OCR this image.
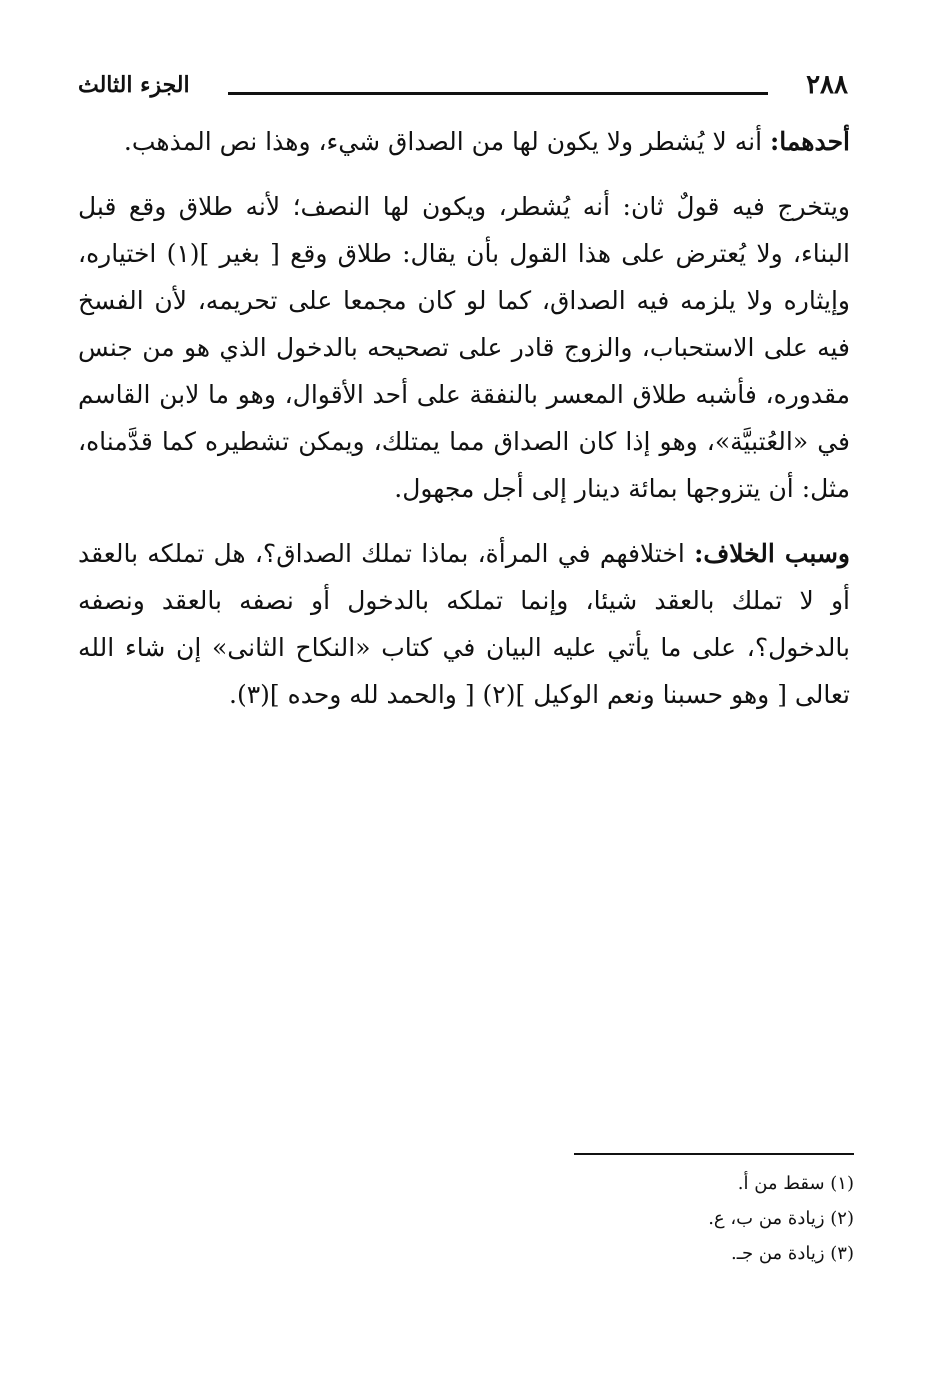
٢٨٨
الجزء الثالث

أحدهما: أنه لا يُشطر ولا يكون لها من الصداق شيء، وهذا نص المذهب.

ويتخرج فيه قولٌ ثان: أنه يُشطر، ويكون لها النصف؛ لأنه طلاق وقع قبل البناء، ولا يُعترض على هذا القول بأن يقال: طلاق وقع [ بغير ](١) اختياره، وإيثاره ولا يلزمه فيه الصداق، كما لو كان مجمعا على تحريمه، لأن الفسخ فيه على الاستحباب، والزوج قادر على تصحيحه بالدخول الذي هو من جنس مقدوره، فأشبه طلاق المعسر بالنفقة على أحد الأقوال، وهو ما لابن القاسم في «العُتبيَّة»، وهو إذا كان الصداق مما يمتلك، ويمكن تشطيره كما قدَّمناه، مثل: أن يتزوجها بمائة دينار إلى أجل مجهول.

وسبب الخلاف: اختلافهم في المرأة، بماذا تملك الصداق؟، هل تملكه بالعقد أو لا تملك بالعقد شيئا، وإنما تملكه بالدخول أو نصفه بالعقد ونصفه بالدخول؟، على ما يأتي عليه البيان في كتاب «النكاح الثانى» إن شاء الله تعالى [ وهو حسبنا ونعم الوكيل ](٢) [ والحمد لله وحده ](٣).

(١) سقط من أ.
(٢) زيادة من ب، ع.
(٣) زيادة من جـ.
